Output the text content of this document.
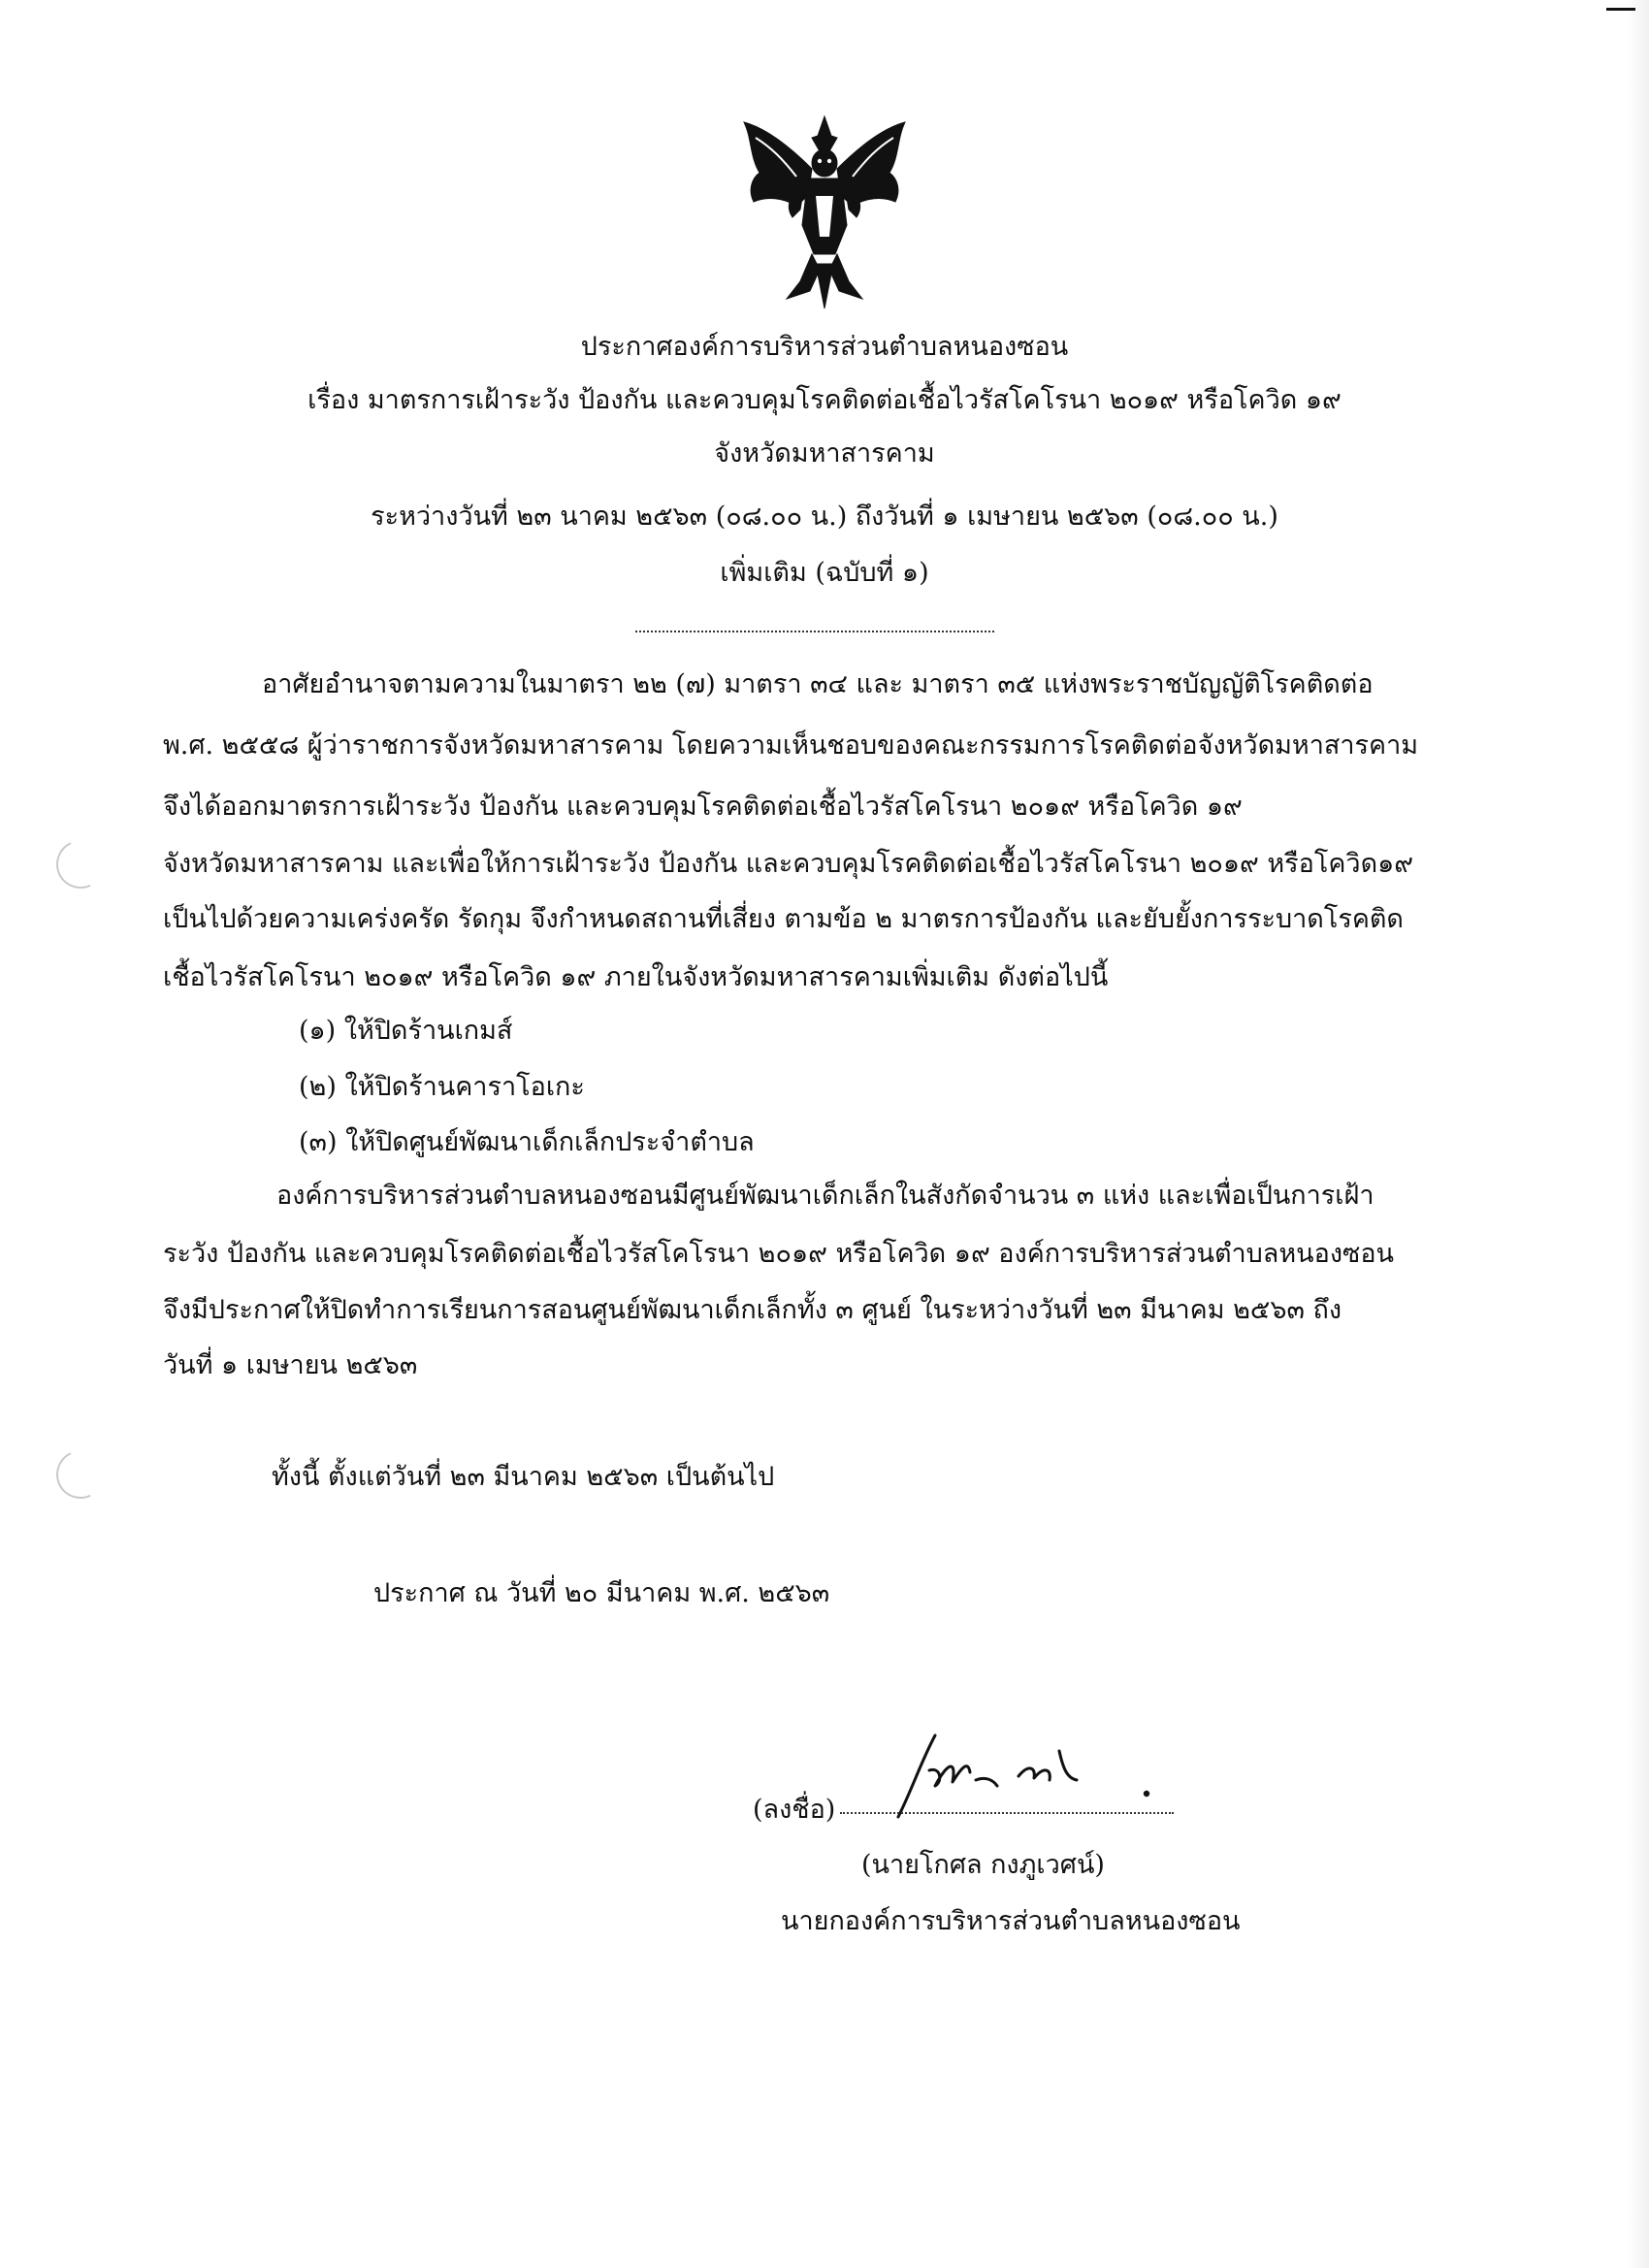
ประกาศองค์การบริหารส่วนตำบลหนองซอน
เรื่อง มาตรการเฝ้าระวัง ป้องกัน และควบคุมโรคติดต่อเชื้อไวรัสโคโรนา ๒๐๑๙ หรือโควิด ๑๙
จังหวัดมหาสารคาม
ระหว่างวันที่ ๒๓ นาคม ๒๕๖๓ (๐๘.๐๐ น.) ถึงวันที่ ๑ เมษายน ๒๕๖๓ (๐๘.๐๐ น.)
เพิ่มเติม (ฉบับที่ ๑)
อาศัยอำนาจตามความในมาตรา ๒๒ (๗) มาตรา ๓๔ และ มาตรา ๓๕ แห่งพระราชบัญญัติโรคติดต่อ
พ.ศ. ๒๕๕๘ ผู้ว่าราชการจังหวัดมหาสารคาม โดยความเห็นชอบของคณะกรรมการโรคติดต่อจังหวัดมหาสารคาม
จึงได้ออกมาตรการเฝ้าระวัง ป้องกัน และควบคุมโรคติดต่อเชื้อไวรัสโคโรนา ๒๐๑๙ หรือโควิด ๑๙
จังหวัดมหาสารคาม และเพื่อให้การเฝ้าระวัง ป้องกัน และควบคุมโรคติดต่อเชื้อไวรัสโคโรนา ๒๐๑๙ หรือโควิด๑๙
เป็นไปด้วยความเคร่งครัด รัดกุม จึงกำหนดสถานที่เสี่ยง ตามข้อ ๒ มาตรการป้องกัน และยับยั้งการระบาดโรคติด
เชื้อไวรัสโคโรนา ๒๐๑๙ หรือโควิด ๑๙ ภายในจังหวัดมหาสารคามเพิ่มเติม ดังต่อไปนี้
(๑) ให้ปิดร้านเกมส์
(๒) ให้ปิดร้านคาราโอเกะ
(๓) ให้ปิดศูนย์พัฒนาเด็กเล็กประจำตำบล
องค์การบริหารส่วนตำบลหนองซอนมีศูนย์พัฒนาเด็กเล็กในสังกัดจำนวน ๓ แห่ง และเพื่อเป็นการเฝ้า
ระวัง ป้องกัน และควบคุมโรคติดต่อเชื้อไวรัสโคโรนา ๒๐๑๙ หรือโควิด ๑๙ องค์การบริหารส่วนตำบลหนองซอน
จึงมีประกาศให้ปิดทำการเรียนการสอนศูนย์พัฒนาเด็กเล็กทั้ง ๓ ศูนย์ ในระหว่างวันที่ ๒๓ มีนาคม ๒๕๖๓ ถึง
วันที่ ๑ เมษายน ๒๕๖๓
ทั้งนี้ ตั้งแต่วันที่ ๒๓ มีนาคม ๒๕๖๓ เป็นต้นไป
ประกาศ ณ วันที่ ๒๐ มีนาคม พ.ศ. ๒๕๖๓
(ลงชื่อ)
(นายโกศล กงภูเวศน์)
นายกองค์การบริหารส่วนตำบลหนองซอน
